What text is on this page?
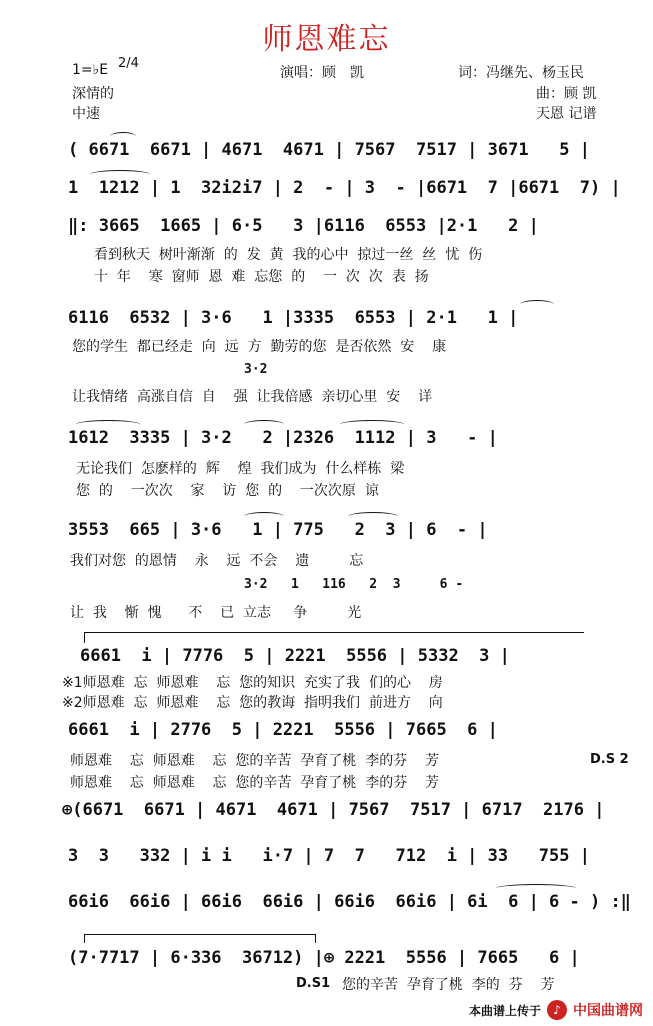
师恩难忘
1=♭E 2/4
演唱：顾　凯	词：冯继先、杨玉民
深情的	曲：顾 凯
中速	天恩 记谱
( 6671  6671 | 4671  4671 | 7567  7517 | 3671   5 |
1  1212 | 1  32i2i7 | 2  - | 3  - |6671  7 |6671  7) |
‖: 3665  1665 | 6·5   3 |6116  6553 |2·1   2 |
看到秋天  树叶渐渐  的  发  黄  我的心中  掠过一丝  丝  忧  伤
十  年    寒  窗师  恩  难  忘您  的    一  次  次  表  扬
6116  6532 | 3·6   1 |3335  6553 | 2·1   1 |
您的学生  都已经走  向  远  方  勤劳的您  是否依然  安    康
3·2
让我情绪  高涨自信  自    强  让我倍感  亲切心里  安    详
1612  3335 | 3·2   2 |2326  1112 | 3   - |
无论我们  怎麽样的  辉    煌  我们成为  什么样栋  梁
您  的    一次次    家    访  您  的    一次次原  谅
3553  665 | 3·6   1 | 775   2  3 | 6  - |
我们对您  的恩情    永    远  不会    遗         忘
3·2   1   116   2  3     6 -
让  我    惭  愧      不    已  立志     争         光
6661  i | 7776  5 | 2221  5556 | 5332  3 |
※1师恩难  忘  师恩难    忘  您的知识  充实了我  们的心    房
※2师恩难  忘  师恩难    忘  您的教诲  指明我们  前进方    向
6661  i | 2776  5 | 2221  5556 | 7665  6 |
师恩难    忘  师恩难    忘  您的辛苦  孕育了桃  李的芬    芳	D.S 2
师恩难    忘  师恩难    忘  您的辛苦  孕育了桃  李的芬    芳
⊕(6671  6671 | 4671  4671 | 7567  7517 | 6717  2176 |
3  3   332 | i i   i·7 | 7  7   712  i | 33   755 |
66i6  66i6 | 66i6  66i6 | 66i6  66i6 | 6i  6 | 6 - ) :‖
(7·7717 | 6·336  36712) |⊕ 2221  5556 | 7665   6 |
D.S1 您的辛苦  孕育了桃  李的  芬    芳
本曲谱上传于	♪ 中国曲谱网
